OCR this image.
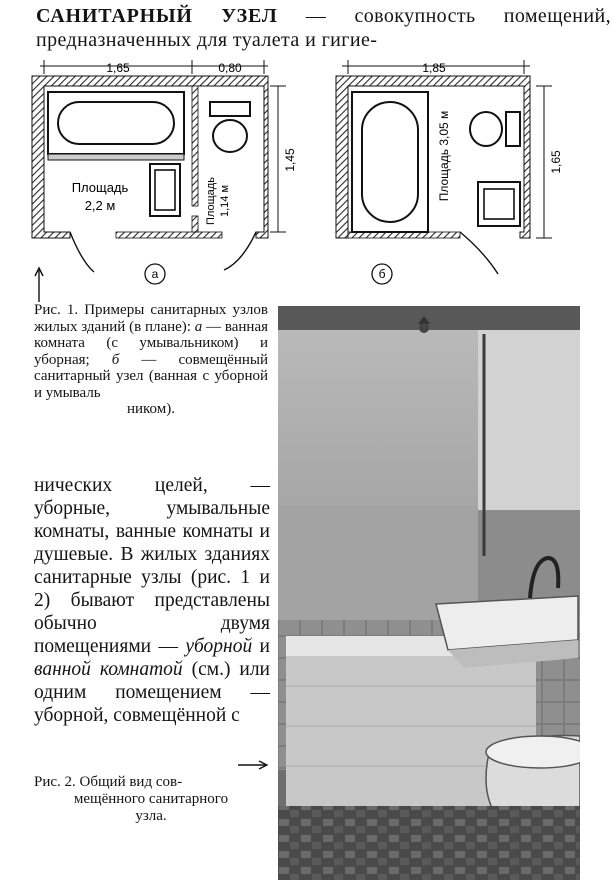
САНИТАРНЫЙ УЗЕЛ — совокупность помещений, предназначенных для туалета и гигие-
1,65	0,80
1,45
Площадь
2,2 м	Площадь 1,14 м
а
1,85
1,65
Площадь 3,05 м
б
Рис. 1. Примеры санитарных узлов жилых зданий (в плане): а — ванная комната (с умывальником) и уборная; б — совмещённый санитарный узел (ванная с уборной и умываль
ником).
нических целей, — уборные, умывальные комнаты, ванные комнаты и душевые. В жилых зданиях санитарные узлы (рис. 1 и 2) бывают представлены обычно двумя помещениями — уборной и ванной комнатой (см.) или одним помещением — уборной, совмещённой с
Рис. 2. Общий вид сов-
мещённого санитарного
узла.
